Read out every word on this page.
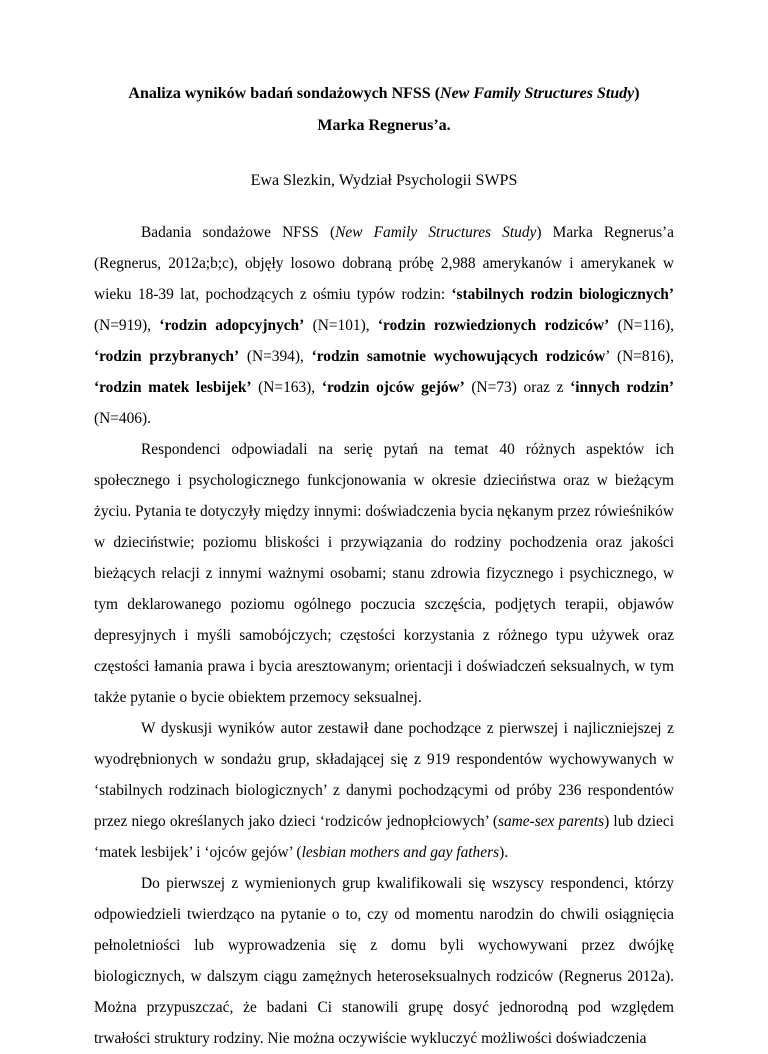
Analiza wyników badań sondażowych NFSS (New Family Structures Study)
Marka Regnerus’a.

Ewa Slezkin, Wydział Psychologii SWPS

Badania sondażowe NFSS (New Family Structures Study) Marka Regnerus’a (Regnerus, 2012a;b;c), objęły losowo dobraną próbę 2,988 amerykanów i amerykanek w wieku 18-39 lat, pochodzących z ośmiu typów rodzin: ‘stabilnych rodzin biologicznych’ (N=919), ‘rodzin adopcyjnych’ (N=101), ‘rodzin rozwiedzionych rodziców’ (N=116), ‘rodzin przybranych’ (N=394), ‘rodzin samotnie wychowujących rodziców’ (N=816), ‘rodzin matek lesbijek’ (N=163), ‘rodzin ojców gejów’ (N=73) oraz z ‘innych rodzin’ (N=406).

Respondenci odpowiadali na serię pytań na temat 40 różnych aspektów ich społecznego i psychologicznego funkcjonowania w okresie dzieciństwa oraz w bieżącym życiu. Pytania te dotyczyły między innymi: doświadczenia bycia nękanym przez rówieśników w dzieciństwie; poziomu bliskości i przywiązania do rodziny pochodzenia oraz jakości bieżących relacji z innymi ważnymi osobami; stanu zdrowia fizycznego i psychicznego, w tym deklarowanego poziomu ogólnego poczucia szczęścia, podjętych terapii, objawów depresyjnych i myśli samobójczych; częstości korzystania z różnego typu używek oraz częstości łamania prawa i bycia aresztowanym; orientacji i doświadczeń seksualnych, w tym także pytanie o bycie obiektem przemocy seksualnej.

W dyskusji wyników autor zestawił dane pochodzące z pierwszej i najliczniejszej z wyodrębnionych w sondażu grup, składającej się z 919 respondentów wychowywanych w ‘stabilnych rodzinach biologicznych’ z danymi pochodzącymi od próby 236 respondentów przez niego określanych jako dzieci ‘rodziców jednopłciowych’ (same-sex parents) lub dzieci ‘matek lesbijek’ i ‘ojców gejów’ (lesbian mothers and gay fathers).

Do pierwszej z wymienionych grup kwalifikowali się wszyscy respondenci, którzy odpowiedzieli twierdząco na pytanie o to, czy od momentu narodzin do chwili osiągnięcia pełnoletniości lub wyprowadzenia się z domu byli wychowywani przez dwójkę biologicznych, w dalszym ciągu zamężnych heteroseksualnych rodziców (Regnerus 2012a). Można przypuszczać, że badani Ci stanowili grupę dosyć jednorodną pod względem trwałości struktury rodziny. Nie można oczywiście wykluczyć możliwości doświadczenia
